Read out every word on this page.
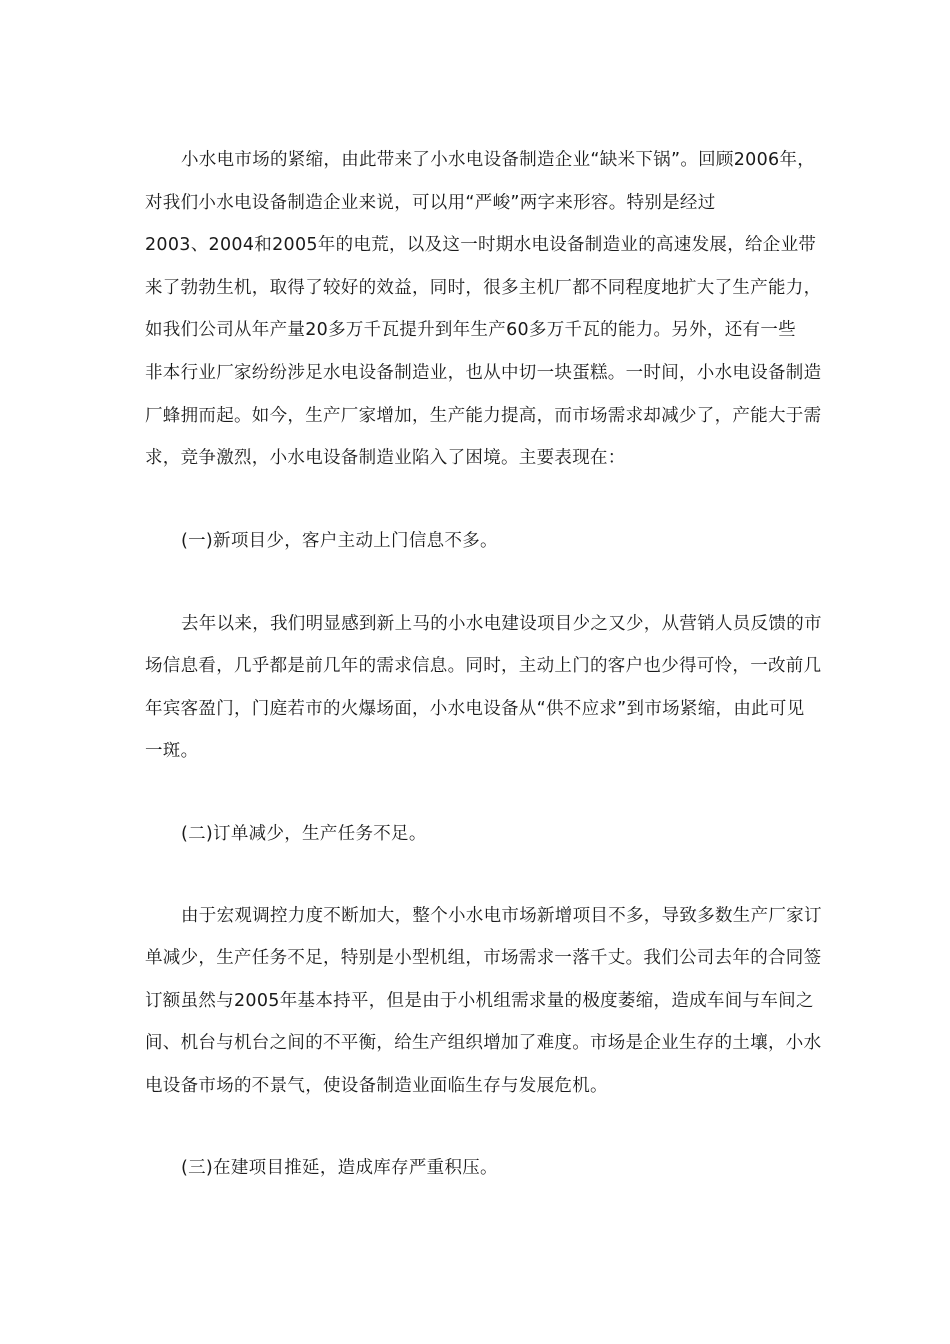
小水电市场的紧缩，由此带来了小水电设备制造企业“缺米下锅”。回顾2006年，
对我们小水电设备制造企业来说，可以用“严峻”两字来形容。特别是经过
2003、2004和2005年的电荒，以及这一时期水电设备制造业的高速发展，给企业带
来了勃勃生机，取得了较好的效益，同时，很多主机厂都不同程度地扩大了生产能力，
如我们公司从年产量20多万千瓦提升到年生产60多万千瓦的能力。另外，还有一些
非本行业厂家纷纷涉足水电设备制造业，也从中切一块蛋糕。一时间，小水电设备制造
厂蜂拥而起。如今，生产厂家增加，生产能力提高，而市场需求却减少了，产能大于需
求，竞争激烈，小水电设备制造业陷入了困境。主要表现在：
(一)新项目少，客户主动上门信息不多。
去年以来，我们明显感到新上马的小水电建设项目少之又少，从营销人员反馈的市
场信息看，几乎都是前几年的需求信息。同时，主动上门的客户也少得可怜，一改前几
年宾客盈门，门庭若市的火爆场面，小水电设备从“供不应求”到市场紧缩，由此可见
一斑。
(二)订单减少，生产任务不足。
由于宏观调控力度不断加大，整个小水电市场新增项目不多，导致多数生产厂家订
单减少，生产任务不足，特别是小型机组，市场需求一落千丈。我们公司去年的合同签
订额虽然与2005年基本持平，但是由于小机组需求量的极度萎缩，造成车间与车间之
间、机台与机台之间的不平衡，给生产组织增加了难度。市场是企业生存的土壤，小水
电设备市场的不景气，使设备制造业面临生存与发展危机。
(三)在建项目推延，造成库存严重积压。
